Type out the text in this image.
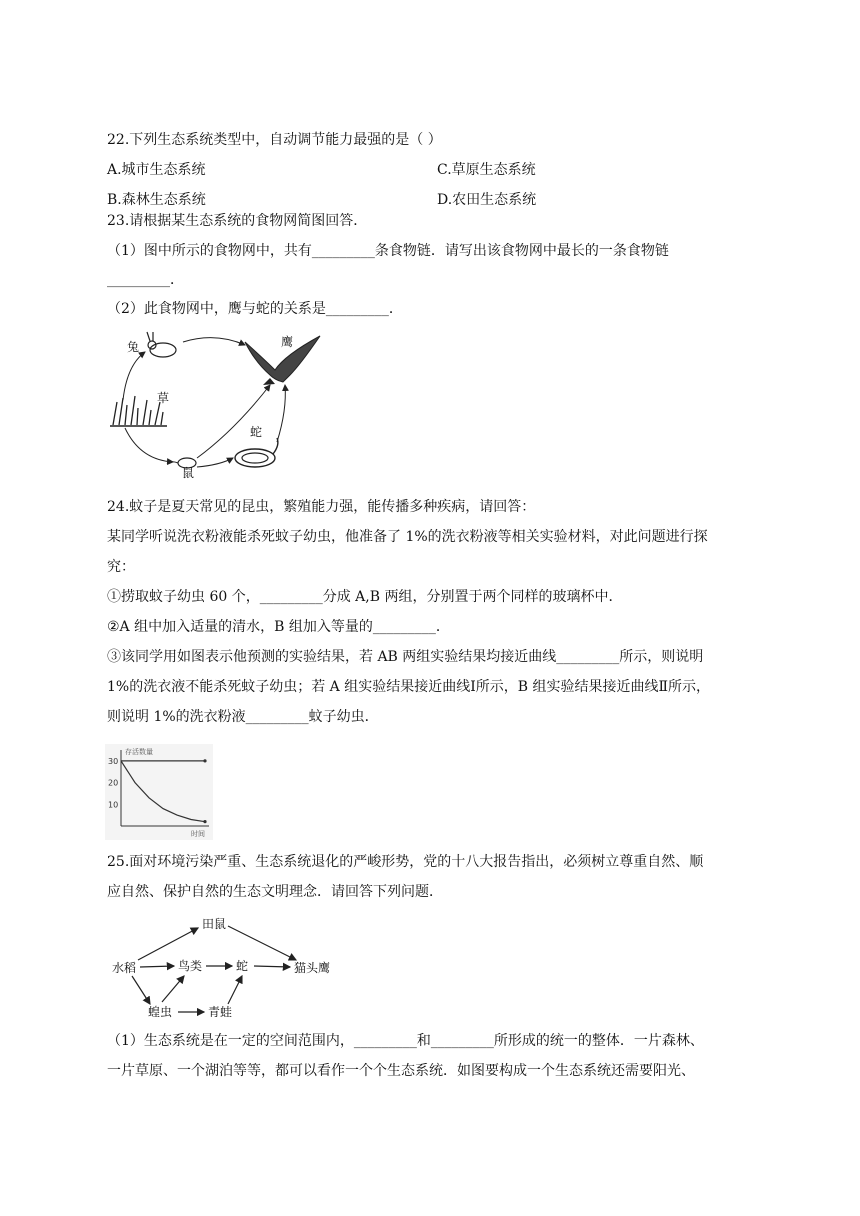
22.下列生态系统类型中，自动调节能力最强的是（ ）
A.城市生态系统	C.草原生态系统
B.森林生态系统	D.农田生态系统
23.请根据某生态系统的食物网简图回答．
（1）图中所示的食物网中，共有_________条食物链．请写出该食物网中最长的一条食物链
_________．
（2）此食物网中，鹰与蛇的关系是_________．
兔	鹰
草
蛇
鼠
24.蚊子是夏天常见的昆虫，繁殖能力强，能传播多种疾病，请回答：
某同学听说洗衣粉液能杀死蚊子幼虫，他准备了 1%的洗衣粉液等相关实验材料，对此问题进行探
究：
①捞取蚊子幼虫 60 个，_________分成 A,B 两组，分别置于两个同样的玻璃杯中．
②A 组中加入适量的清水，B 组加入等量的_________．
③该同学用如图表示他预测的实验结果，若 AB 两组实验结果均接近曲线_________所示，则说明
1%的洗衣液不能杀死蚊子幼虫；若 A 组实验结果接近曲线Ⅰ所示，B 组实验结果接近曲线Ⅱ所示，
则说明 1%的洗衣粉液_________蚊子幼虫．
存活数量
时间
30
20
10
25.面对环境污染严重、生态系统退化的严峻形势，党的十八大报告指出，必须树立尊重自然、顺
应自然、保护自然的生态文明理念．请回答下列问题．
田鼠
水稻	鸟类	蛇	猫头鹰
蝗虫	青蛙
（1）生态系统是在一定的空间范围内，_________和_________所形成的统一的整体．一片森林、
一片草原、一个湖泊等等，都可以看作一个个生态系统．如图要构成一个生态系统还需要阳光、
